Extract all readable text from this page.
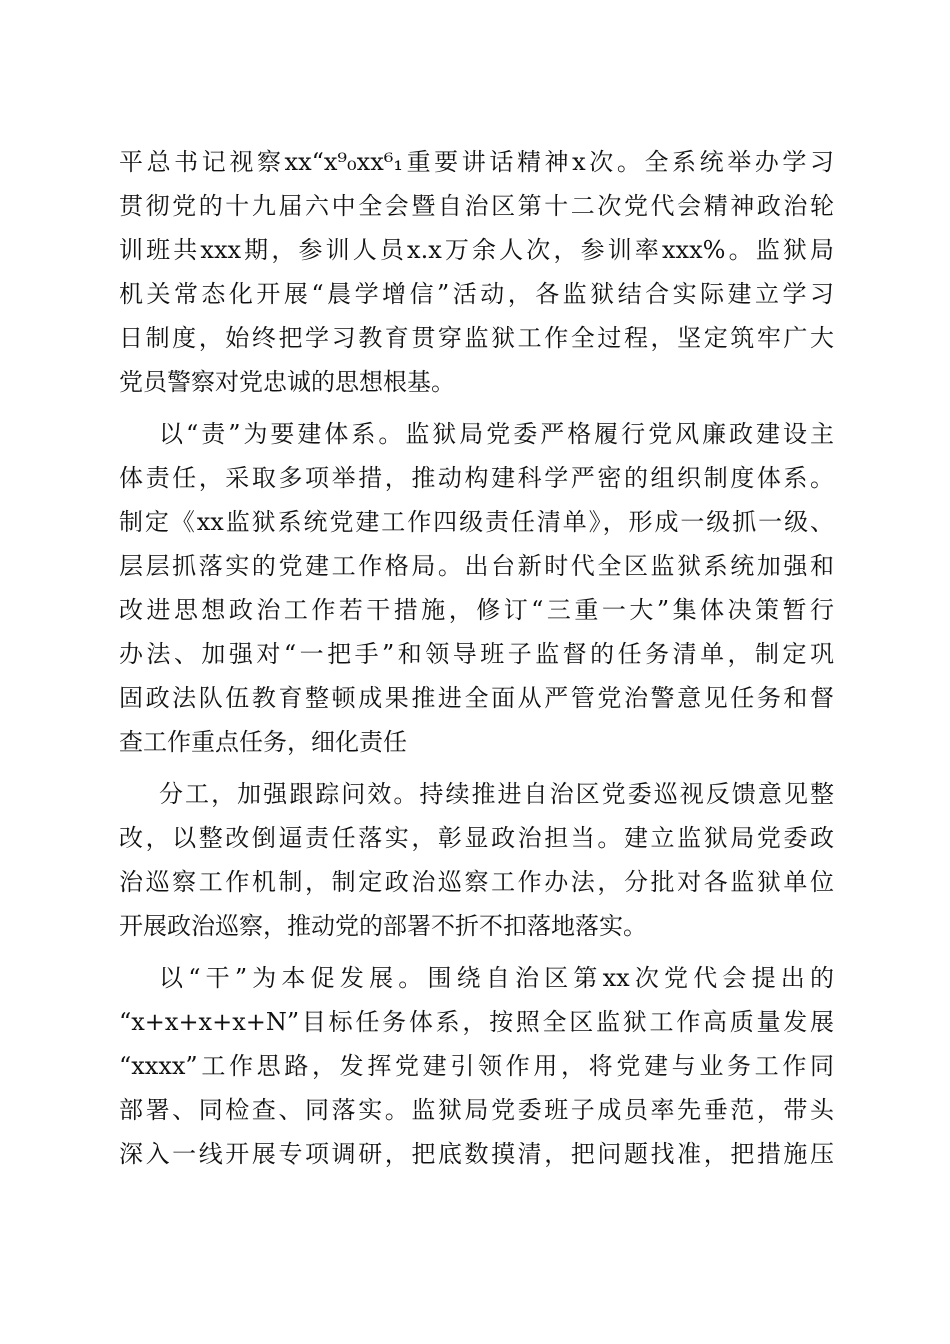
平总书记视察xx“x⁹₀xx⁶₁重要讲话精神x次。全系统举办学习
贯彻党的十九届六中全会暨自治区第十二次党代会精神政治轮
训班共xxx期，参训人员x.x万余人次，参训率xxx%。监狱局
机关常态化开展“晨学增信”活动，各监狱结合实际建立学习
日制度，始终把学习教育贯穿监狱工作全过程，坚定筑牢广大
党员警察对党忠诚的思想根基。
以“责”为要建体系。监狱局党委严格履行党风廉政建设主
体责任，采取多项举措，推动构建科学严密的组织制度体系。
制定《xx监狱系统党建工作四级责任清单》，形成一级抓一级、
层层抓落实的党建工作格局。出台新时代全区监狱系统加强和
改进思想政治工作若干措施，修订“三重一大”集体决策暂行
办法、加强对“一把手”和领导班子监督的任务清单，制定巩
固政法队伍教育整顿成果推进全面从严管党治警意见任务和督
查工作重点任务，细化责任
分工，加强跟踪问效。持续推进自治区党委巡视反馈意见整
改，以整改倒逼责任落实，彰显政治担当。建立监狱局党委政
治巡察工作机制，制定政治巡察工作办法，分批对各监狱单位
开展政治巡察，推动党的部署不折不扣落地落实。
以“干”为本促发展。围绕自治区第xx次党代会提出的
“x+x+x+x+N”目标任务体系，按照全区监狱工作高质量发展
“xxxx”工作思路，发挥党建引领作用，将党建与业务工作同
部署、同检查、同落实。监狱局党委班子成员率先垂范，带头
深入一线开展专项调研，把底数摸清，把问题找准，把措施压
